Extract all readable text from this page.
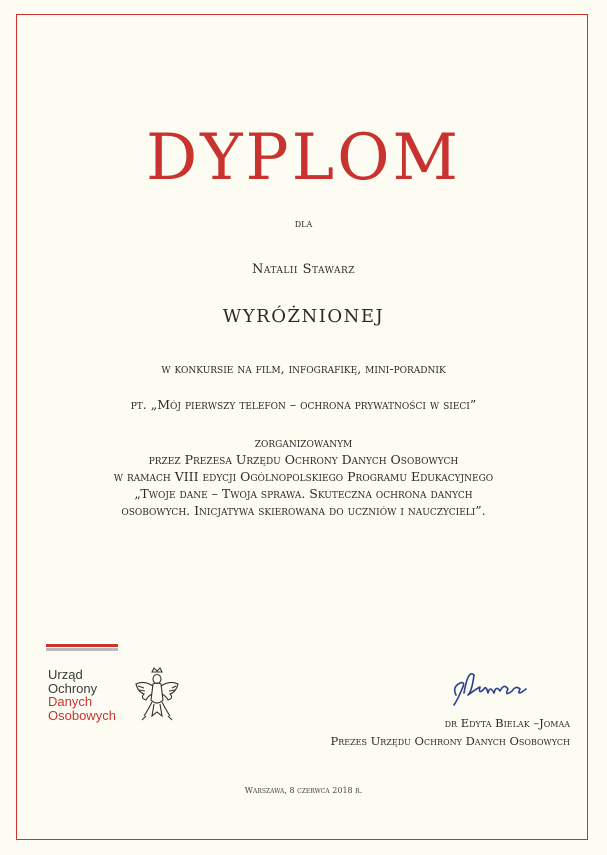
DYPLOM
dla
Natalii Stawarz
WYRÓŻNIONEJ
w konkursie na film, infografikę, mini-poradnik
pt. „Mój pierwszy telefon – ochrona prywatności w sieci”
zorganizowanym
przez Prezesa Urzędu Ochrony Danych Osobowych
w ramach VIII edycji Ogólnopolskiego Programu Edukacyjnego
„Twoje dane – Twoja sprawa. Skuteczna ochrona danych
osobowych. Inicjatywa skierowana do uczniów i nauczycieli”.
Urząd
Ochrony
Danych
Osobowych
dr Edyta Bielak –Jomaa
Prezes Urzędu Ochrony Danych Osobowych
Warszawa, 8 czerwca 2018 r.
